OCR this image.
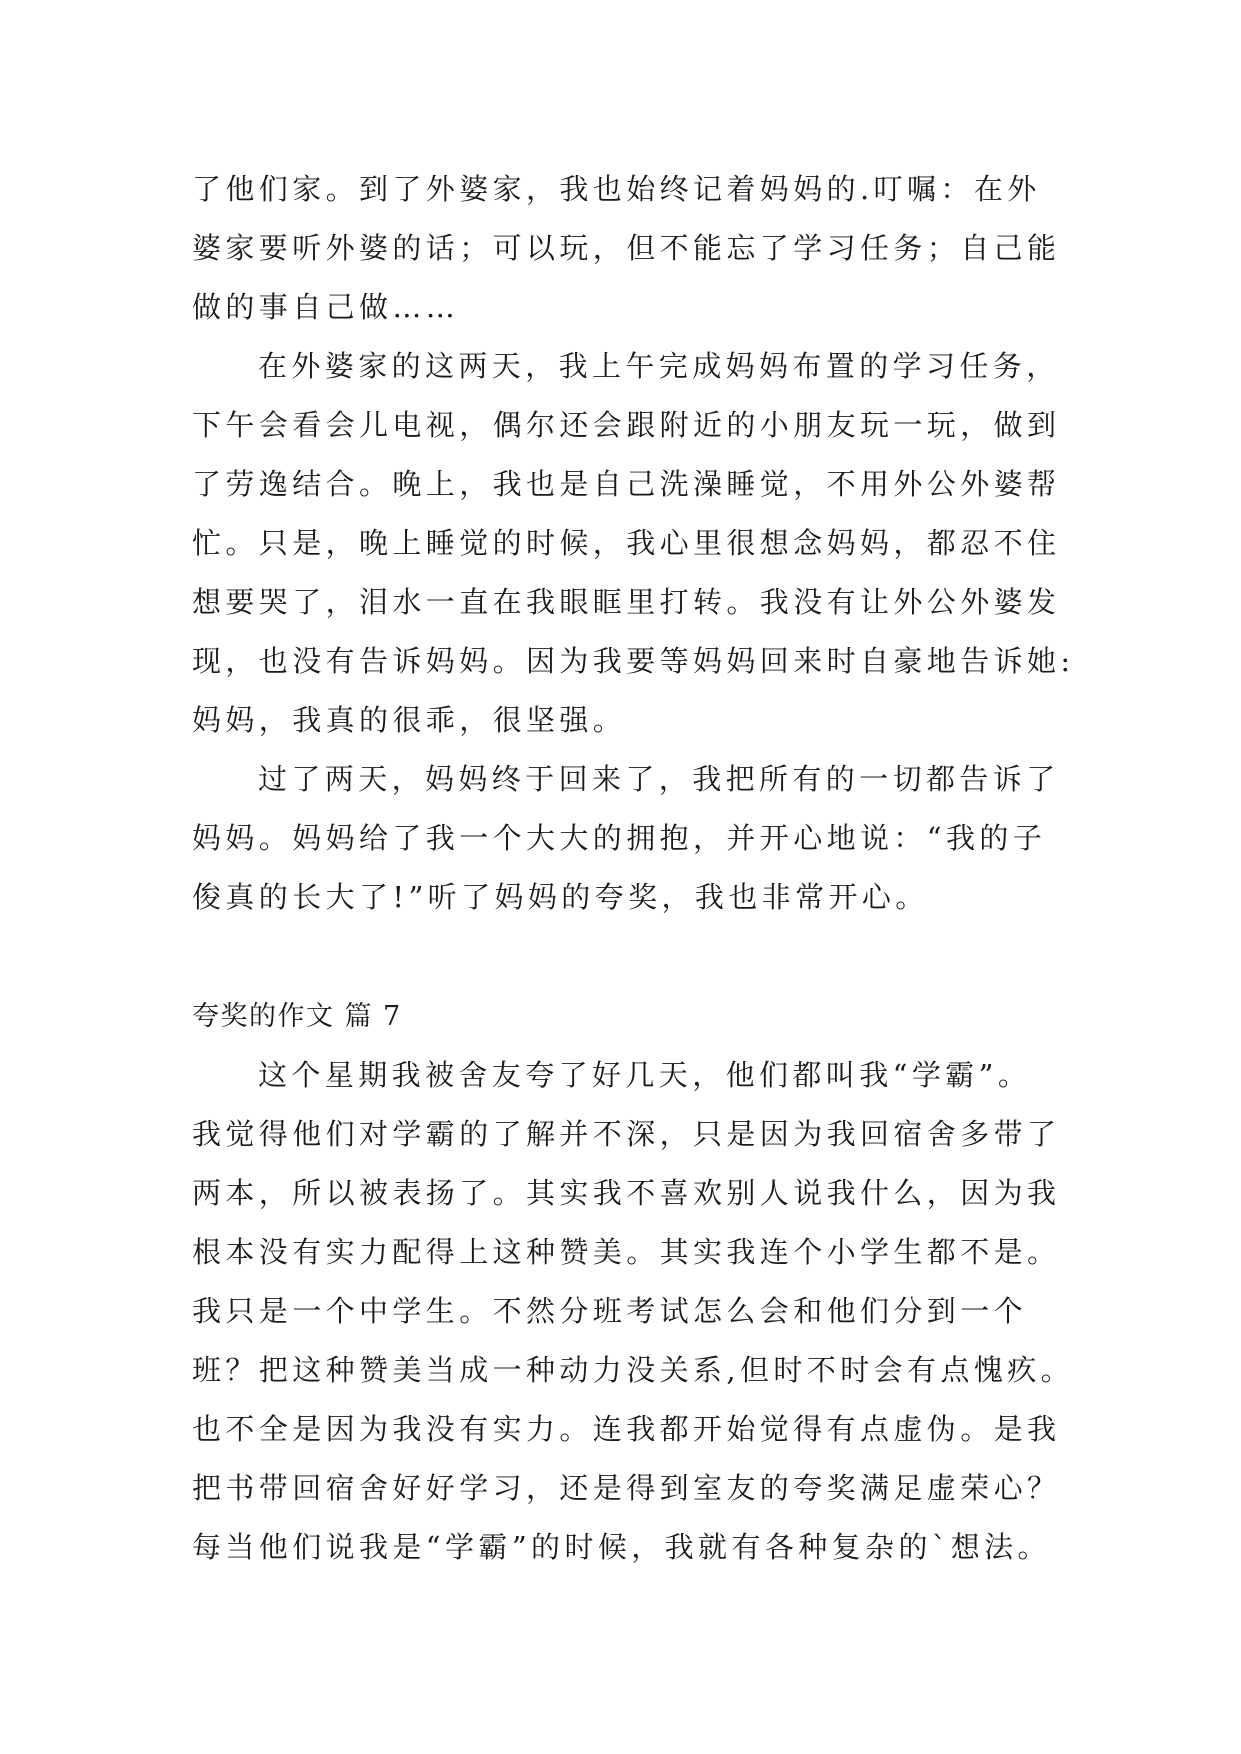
了他们家。到了外婆家，我也始终记着妈妈的.叮嘱：在外
婆家要听外婆的话；可以玩，但不能忘了学习任务；自己能
做的事自己做……
在外婆家的这两天，我上午完成妈妈布置的学习任务，
下午会看会儿电视，偶尔还会跟附近的小朋友玩一玩，做到
了劳逸结合。晚上，我也是自己洗澡睡觉，不用外公外婆帮
忙。只是，晚上睡觉的时候，我心里很想念妈妈，都忍不住
想要哭了，泪水一直在我眼眶里打转。我没有让外公外婆发
现，也没有告诉妈妈。因为我要等妈妈回来时自豪地告诉她:
妈妈，我真的很乖，很坚强。
过了两天，妈妈终于回来了，我把所有的一切都告诉了
妈妈。妈妈给了我一个大大的拥抱，并开心地说：“我的子
俊真的长大了!”听了妈妈的夸奖，我也非常开心。
夸奖的作文 篇 7
这个星期我被舍友夸了好几天，他们都叫我“学霸”。
我觉得他们对学霸的了解并不深，只是因为我回宿舍多带了
两本，所以被表扬了。其实我不喜欢别人说我什么，因为我
根本没有实力配得上这种赞美。其实我连个小学生都不是。
我只是一个中学生。不然分班考试怎么会和他们分到一个
班？把这种赞美当成一种动力没关系,但时不时会有点愧疚。
也不全是因为我没有实力。连我都开始觉得有点虚伪。是我
把书带回宿舍好好学习，还是得到室友的夸奖满足虚荣心？
每当他们说我是“学霸”的时候，我就有各种复杂的`想法。
